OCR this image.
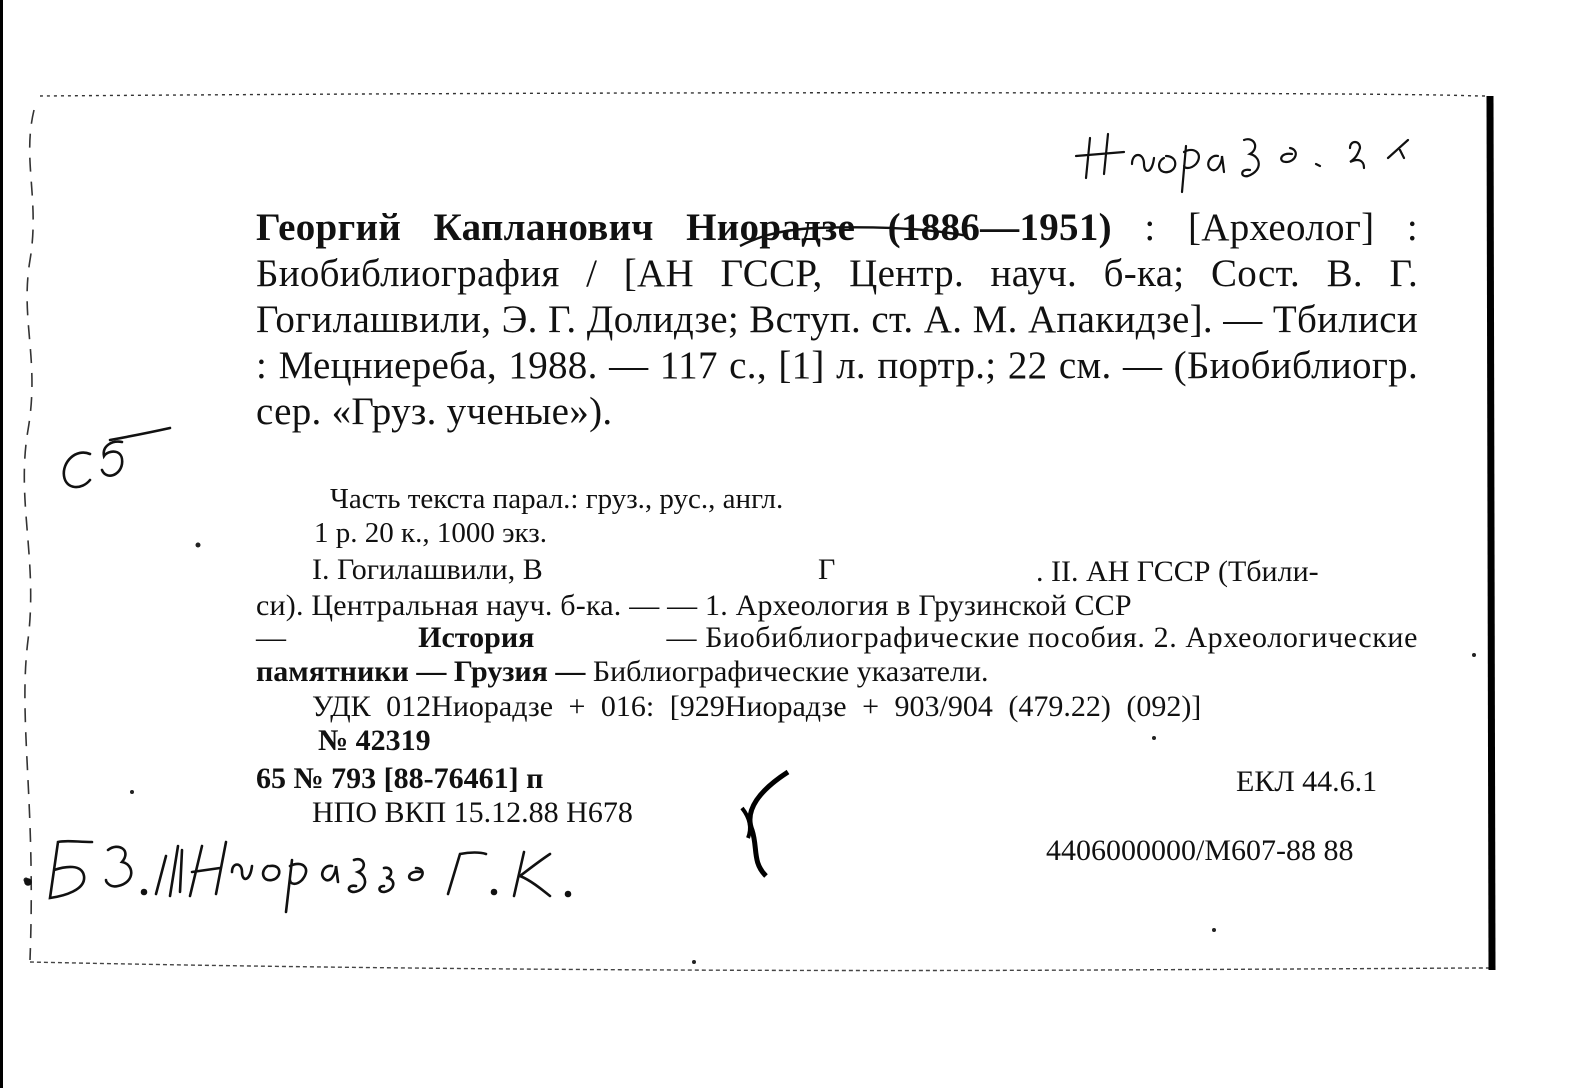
Георгий Капланович Ниорадзе (1886—1951) : [Археолог] : Биобиблиография / [АН ГССР, Центр. науч. б-ка; Сост. В. Г. Гогилашвили, Э. Г. Долидзе; Вступ. ст. А. М. Апакидзе]. — Тбилиси : Мецниереба, 1988. — 117 с., [1] л. портр.; 22 см. — (Биобиблиогр. сер. «Груз. ученые»).

Часть текста парал.: груз., рус., англ.
1 р. 20 к., 1000 экз.
I. Гогилашвили, В	Г	. II. АН ГССР (Тбили-
си). Центральная науч. б-ка. — — 1. Археология в Грузинской ССР
—	История	— Биобиблиографические пособия. 2. Археологические
памятники — Грузия — Библиографические указатели.
УДК 012Ниорадзе + 016: [929Ниорадзе + 903/904 (479.22) (092)]
№ 42319
65 № 793 [88-76461] п
НПО ВКП 15.12.88 Н678
ЕКЛ 44.6.1
4406000000/М607-88 88
